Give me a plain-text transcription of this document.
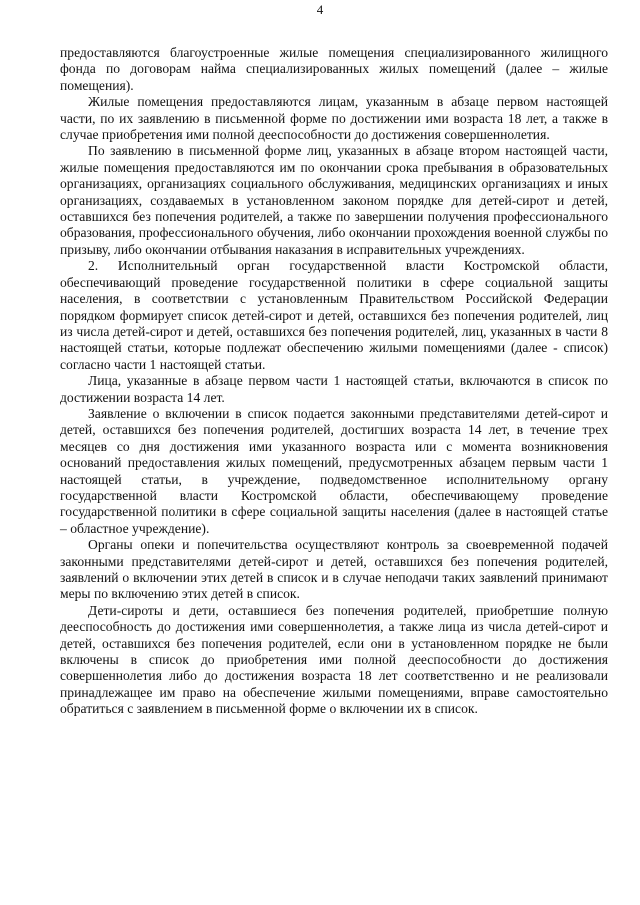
4

предоставляются благоустроенные жилые помещения специализированного жилищного фонда по договорам найма специализированных жилых помещений (далее – жилые помещения).

Жилые помещения предоставляются лицам, указанным в абзаце первом настоящей части, по их заявлению в письменной форме по достижении ими возраста 18 лет, а также в случае приобретения ими полной дееспособности до достижения совершеннолетия.

По заявлению в письменной форме лиц, указанных в абзаце втором настоящей части, жилые помещения предоставляются им по окончании срока пребывания в образовательных организациях, организациях социального обслуживания, медицинских организациях и иных организациях, создаваемых в установленном законом порядке для детей-сирот и детей, оставшихся без попечения родителей, а также по завершении получения профессионального образования, профессионального обучения, либо окончании прохождения военной службы по призыву, либо окончании отбывания наказания в исправительных учреждениях.

2. Исполнительный орган государственной власти Костромской области, обеспечивающий проведение государственной политики в сфере социальной защиты населения, в соответствии с установленным Правительством Российской Федерации порядком формирует список детей-сирот и детей, оставшихся без попечения родителей, лиц из числа детей-сирот и детей, оставшихся без попечения родителей, лиц, указанных в части 8 настоящей статьи, которые подлежат обеспечению жилыми помещениями (далее - список) согласно части 1 настоящей статьи.

Лица, указанные в абзаце первом части 1 настоящей статьи, включаются в список по достижении возраста 14 лет.

Заявление о включении в список подается законными представителями детей-сирот и детей, оставшихся без попечения родителей, достигших возраста 14 лет, в течение трех месяцев со дня достижения ими указанного возраста или с момента возникновения оснований предоставления жилых помещений, предусмотренных абзацем первым части 1 настоящей статьи, в учреждение, подведомственное исполнительному органу государственной власти Костромской области, обеспечивающему проведение государственной политики в сфере социальной защиты населения (далее в настоящей статье – областное учреждение).

Органы опеки и попечительства осуществляют контроль за своевременной подачей законными представителями детей-сирот и детей, оставшихся без попечения родителей, заявлений о включении этих детей в список и в случае неподачи таких заявлений принимают меры по включению этих детей в список.

Дети-сироты и дети, оставшиеся без попечения родителей, приобретшие полную дееспособность до достижения ими совершеннолетия, а также лица из числа детей-сирот и детей, оставшихся без попечения родителей, если они в установленном порядке не были включены в список до приобретения ими полной дееспособности до достижения совершеннолетия либо до достижения возраста 18 лет соответственно и не реализовали принадлежащее им право на обеспечение жилыми помещениями, вправе самостоятельно обратиться с заявлением в письменной форме о включении их в список.
